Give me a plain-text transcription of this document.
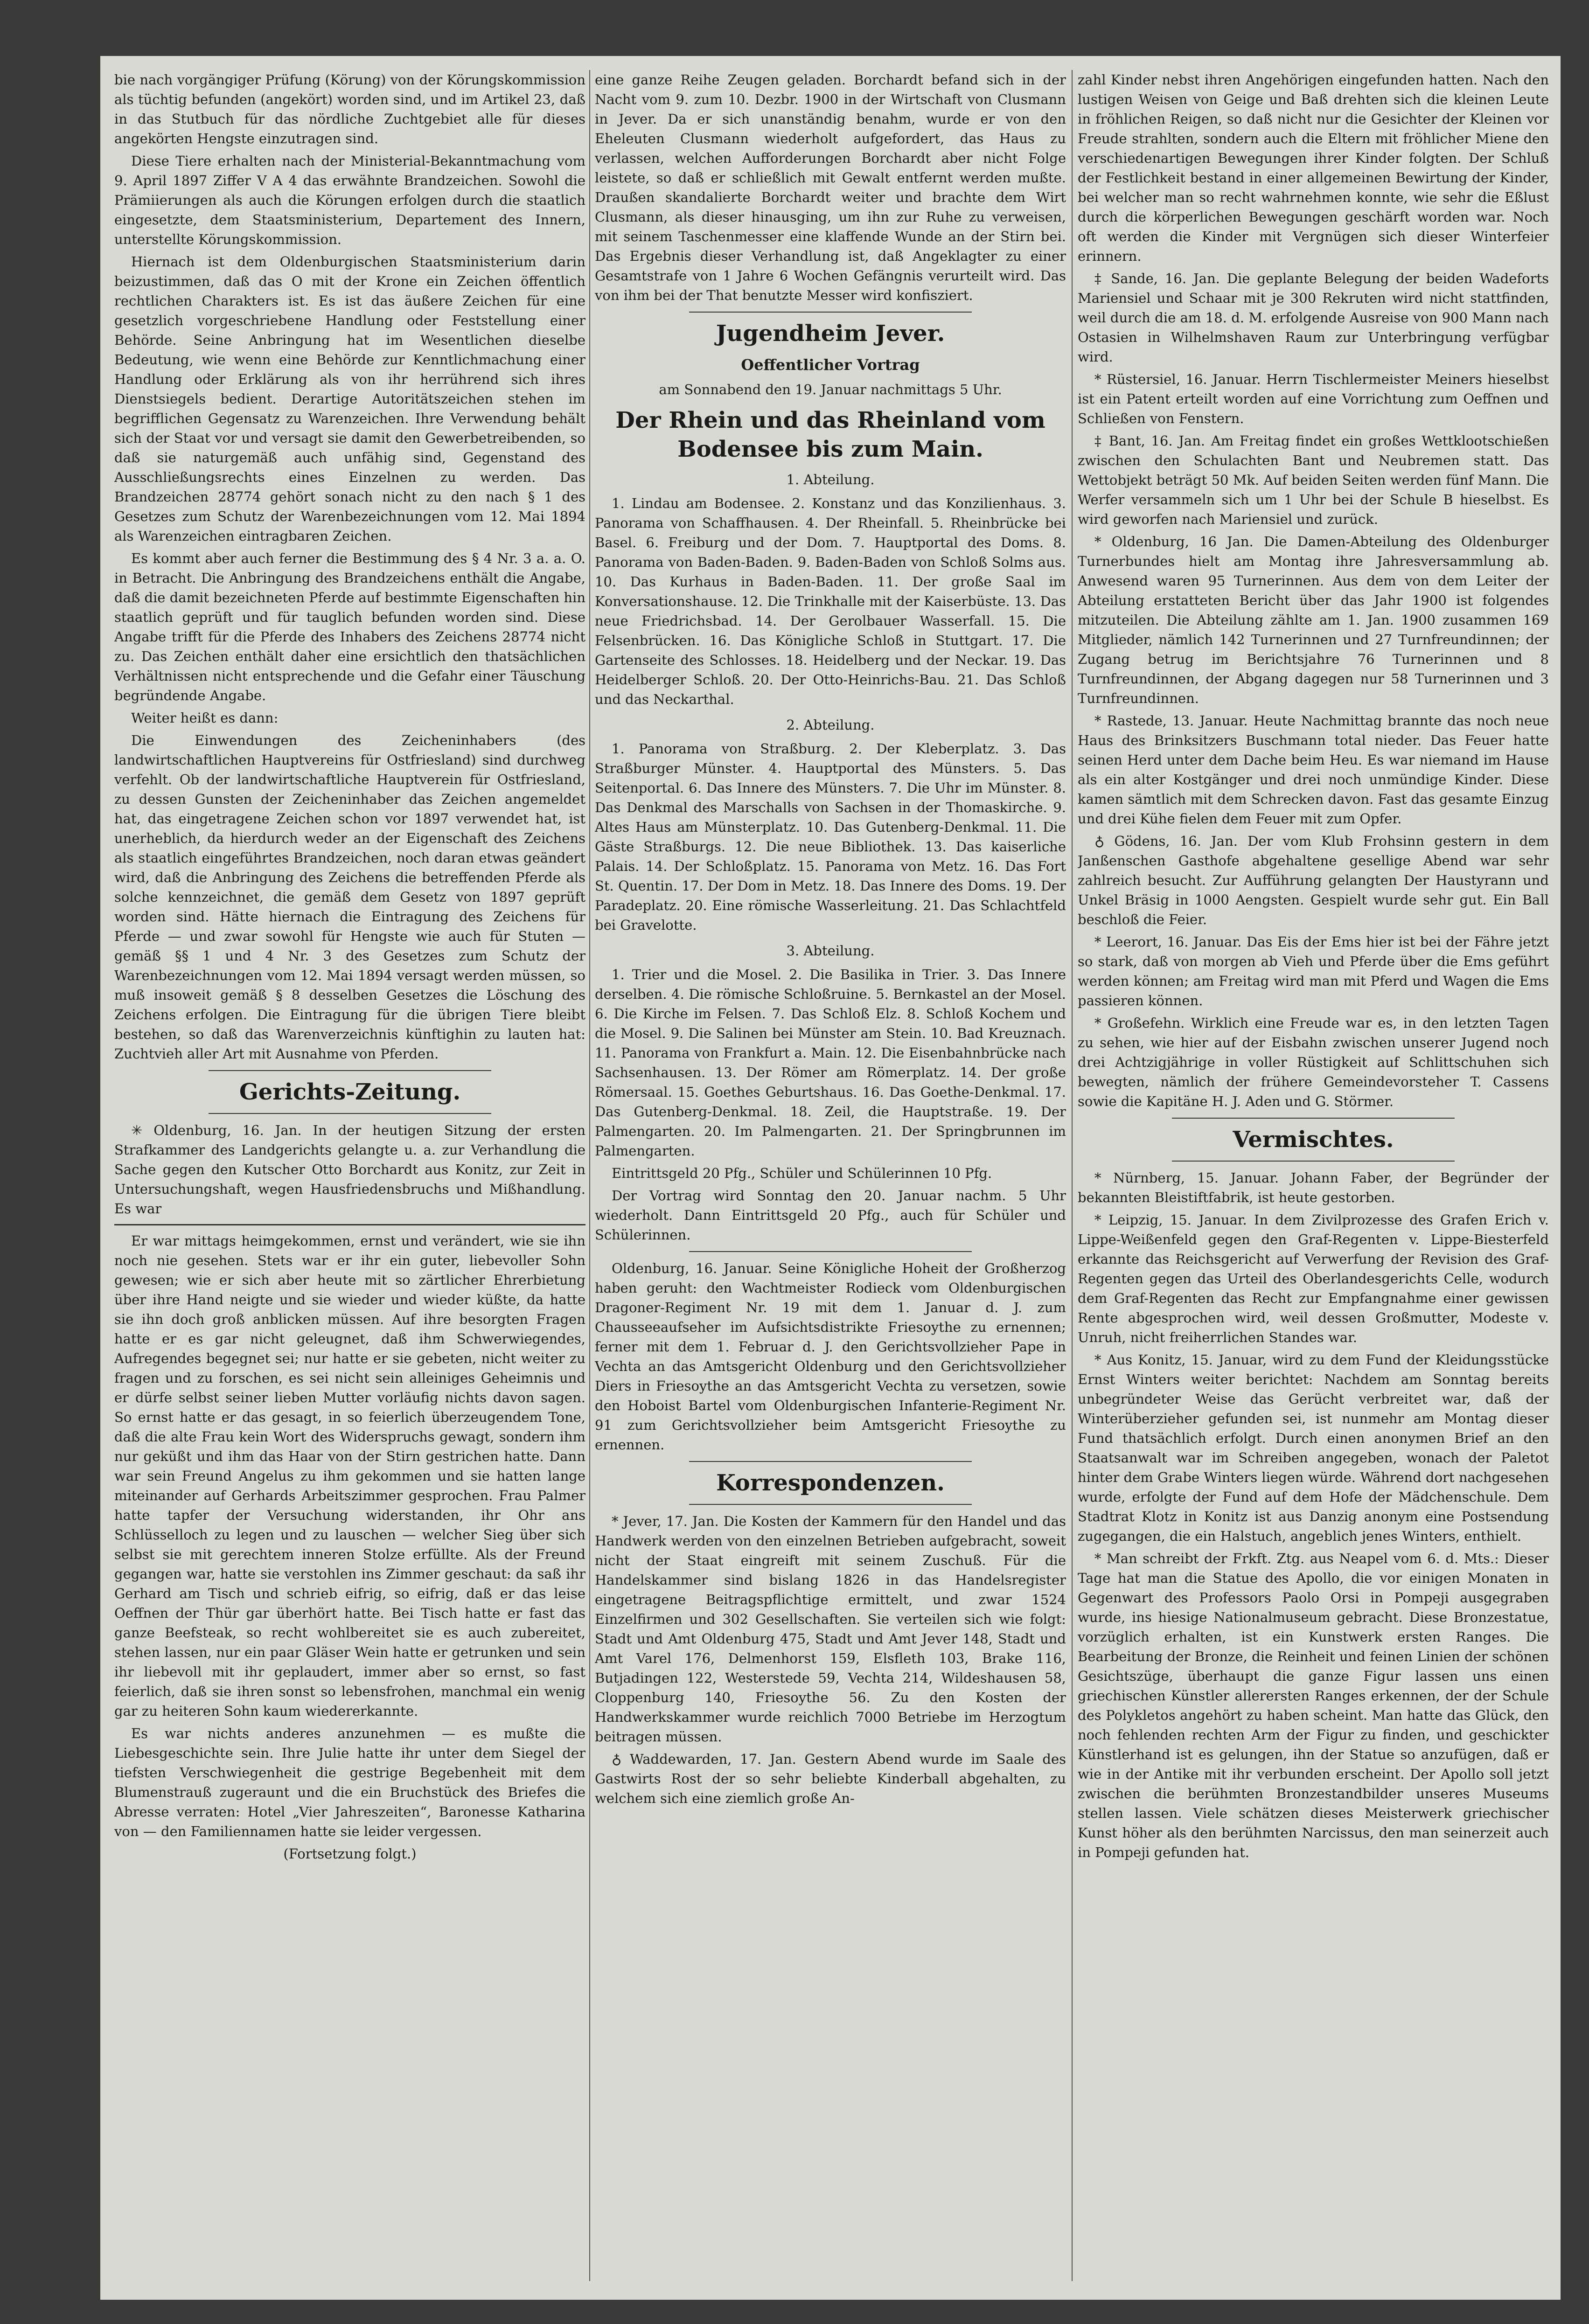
bie nach vorgängiger Prüfung (Körung) von der Körungskommission als tüchtig befunden (angekört) worden sind, und im Artikel 23, daß in das Stutbuch für das nördliche Zuchtgebiet alle für dieses angekörten Hengste einzutragen sind.

Diese Tiere erhalten nach der Ministerial-Bekanntmachung vom 9. April 1897 Ziffer V A 4 das erwähnte Brandzeichen. Sowohl die Prämiierungen als auch die Körungen erfolgen durch die staatlich eingesetzte, dem Staatsministerium, Departement des Innern, unterstellte Körungskommission.

Hiernach ist dem Oldenburgischen Staatsministerium darin beizustimmen, daß das O mit der Krone ein Zeichen öffentlich rechtlichen Charakters ist. Es ist das äußere Zeichen für eine gesetzlich vorgeschriebene Handlung oder Feststellung einer Behörde. Seine Anbringung hat im Wesentlichen dieselbe Bedeutung, wie wenn eine Behörde zur Kenntlichmachung einer Handlung oder Erklärung als von ihr herrührend sich ihres Dienstsiegels bedient. Derartige Autoritätszeichen stehen im begrifflichen Gegensatz zu Warenzeichen. Ihre Verwendung behält sich der Staat vor und versagt sie damit den Gewerbetreibenden, so daß sie naturgemäß auch unfähig sind, Gegenstand des Ausschließungsrechts eines Einzelnen zu werden. Das Brandzeichen 28774 gehört sonach nicht zu den nach § 1 des Gesetzes zum Schutz der Warenbezeichnungen vom 12. Mai 1894 als Warenzeichen eintragbaren Zeichen.

Es kommt aber auch ferner die Bestimmung des § 4 Nr. 3 a. a. O. in Betracht. Die Anbringung des Brandzeichens enthält die Angabe, daß die damit bezeichneten Pferde auf bestimmte Eigenschaften hin staatlich geprüft und für tauglich befunden worden sind. Diese Angabe trifft für die Pferde des Inhabers des Zeichens 28774 nicht zu. Das Zeichen enthält daher eine ersichtlich den thatsächlichen Verhältnissen nicht entsprechende und die Gefahr einer Täuschung begründende Angabe.

Weiter heißt es dann:

Die Einwendungen des Zeicheninhabers (des landwirtschaftlichen Hauptvereins für Ostfriesland) sind durchweg verfehlt. Ob der landwirtschaftliche Hauptverein für Ostfriesland, zu dessen Gunsten der Zeicheninhaber das Zeichen angemeldet hat, das eingetragene Zeichen schon vor 1897 verwendet hat, ist unerheblich, da hierdurch weder an der Eigenschaft des Zeichens als staatlich eingeführtes Brandzeichen, noch daran etwas geändert wird, daß die Anbringung des Zeichens die betreffenden Pferde als solche kennzeichnet, die gemäß dem Gesetz von 1897 geprüft worden sind. Hätte hiernach die Eintragung des Zeichens für Pferde — und zwar sowohl für Hengste wie auch für Stuten — gemäß §§ 1 und 4 Nr. 3 des Gesetzes zum Schutz der Warenbezeichnungen vom 12. Mai 1894 versagt werden müssen, so muß insoweit gemäß § 8 desselben Gesetzes die Löschung des Zeichens erfolgen. Die Eintragung für die übrigen Tiere bleibt bestehen, so daß das Warenverzeichnis künftighin zu lauten hat: Zuchtvieh aller Art mit Ausnahme von Pferden.

Gerichts-Zeitung.

✳ Oldenburg, 16. Jan. In der heutigen Sitzung der ersten Strafkammer des Landgerichts gelangte u. a. zur Verhandlung die Sache gegen den Kutscher Otto Borchardt aus Konitz, zur Zeit in Untersuchungshaft, wegen Hausfriedensbruchs und Mißhandlung. Es war

Er war mittags heimgekommen, ernst und verändert, wie sie ihn noch nie gesehen. Stets war er ihr ein guter, liebevoller Sohn gewesen; wie er sich aber heute mit so zärtlicher Ehrerbietung über ihre Hand neigte und sie wieder und wieder küßte, da hatte sie ihn doch groß anblicken müssen. Auf ihre besorgten Fragen hatte er es gar nicht geleugnet, daß ihm Schwerwiegendes, Aufregendes begegnet sei; nur hatte er sie gebeten, nicht weiter zu fragen und zu forschen, es sei nicht sein alleiniges Geheimnis und er dürfe selbst seiner lieben Mutter vorläufig nichts davon sagen. So ernst hatte er das gesagt, in so feierlich überzeugendem Tone, daß die alte Frau kein Wort des Widerspruchs gewagt, sondern ihm nur geküßt und ihm das Haar von der Stirn gestrichen hatte. Dann war sein Freund Angelus zu ihm gekommen und sie hatten lange miteinander auf Gerhards Arbeitszimmer gesprochen. Frau Palmer hatte tapfer der Versuchung widerstanden, ihr Ohr ans Schlüsselloch zu legen und zu lauschen — welcher Sieg über sich selbst sie mit gerechtem inneren Stolze erfüllte. Als der Freund gegangen war, hatte sie verstohlen ins Zimmer geschaut: da saß ihr Gerhard am Tisch und schrieb eifrig, so eifrig, daß er das leise Oeffnen der Thür gar überhört hatte. Bei Tisch hatte er fast das ganze Beefsteak, so recht wohlbereitet sie es auch zubereitet, stehen lassen, nur ein paar Gläser Wein hatte er getrunken und sein ihr liebevoll mit ihr geplaudert, immer aber so ernst, so fast feierlich, daß sie ihren sonst so lebensfrohen, manchmal ein wenig gar zu heiteren Sohn kaum wiedererkannte.

Es war nichts anderes anzunehmen — es mußte die Liebesgeschichte sein. Ihre Julie hatte ihr unter dem Siegel der tiefsten Verschwiegenheit die gestrige Begebenheit mit dem Blumenstrauß zugeraunt und die ein Bruchstück des Briefes die Abresse verraten: Hotel „Vier Jahreszeiten“, Baronesse Katharina von — den Familiennamen hatte sie leider vergessen.

(Fortsetzung folgt.)

eine ganze Reihe Zeugen geladen. Borchardt befand sich in der Nacht vom 9. zum 10. Dezbr. 1900 in der Wirtschaft von Clusmann in Jever. Da er sich unanständig benahm, wurde er von den Eheleuten Clusmann wiederholt aufgefordert, das Haus zu verlassen, welchen Aufforderungen Borchardt aber nicht Folge leistete, so daß er schließlich mit Gewalt entfernt werden mußte. Draußen skandalierte Borchardt weiter und brachte dem Wirt Clusmann, als dieser hinausging, um ihn zur Ruhe zu verweisen, mit seinem Taschenmesser eine klaffende Wunde an der Stirn bei. Das Ergebnis dieser Verhandlung ist, daß Angeklagter zu einer Gesamtstrafe von 1 Jahre 6 Wochen Gefängnis verurteilt wird. Das von ihm bei der That benutzte Messer wird konfisziert.

Jugendheim Jever.
Oeffentlicher Vortrag

am Sonnabend den 19. Januar nachmittags 5 Uhr.

Der Rhein und das Rheinland vom Bodensee bis zum Main.
1. Abteilung.

1. Lindau am Bodensee. 2. Konstanz und das Konzilienhaus. 3. Panorama von Schaffhausen. 4. Der Rheinfall. 5. Rheinbrücke bei Basel. 6. Freiburg und der Dom. 7. Hauptportal des Doms. 8. Panorama von Baden-Baden. 9. Baden-Baden von Schloß Solms aus. 10. Das Kurhaus in Baden-Baden. 11. Der große Saal im Konversationshause. 12. Die Trinkhalle mit der Kaiserbüste. 13. Das neue Friedrichsbad. 14. Der Gerolbauer Wasserfall. 15. Die Felsenbrücken. 16. Das Königliche Schloß in Stuttgart. 17. Die Gartenseite des Schlosses. 18. Heidelberg und der Neckar. 19. Das Heidelberger Schloß. 20. Der Otto-Heinrichs-Bau. 21. Das Schloß und das Neckarthal.

2. Abteilung.

1. Panorama von Straßburg. 2. Der Kleberplatz. 3. Das Straßburger Münster. 4. Hauptportal des Münsters. 5. Das Seitenportal. 6. Das Innere des Münsters. 7. Die Uhr im Münster. 8. Das Denkmal des Marschalls von Sachsen in der Thomaskirche. 9. Altes Haus am Münsterplatz. 10. Das Gutenberg-Denkmal. 11. Die Gäste Straßburgs. 12. Die neue Bibliothek. 13. Das kaiserliche Palais. 14. Der Schloßplatz. 15. Panorama von Metz. 16. Das Fort St. Quentin. 17. Der Dom in Metz. 18. Das Innere des Doms. 19. Der Paradeplatz. 20. Eine römische Wasserleitung. 21. Das Schlachtfeld bei Gravelotte.

3. Abteilung.

1. Trier und die Mosel. 2. Die Basilika in Trier. 3. Das Innere derselben. 4. Die römische Schloßruine. 5. Bernkastel an der Mosel. 6. Die Kirche im Felsen. 7. Das Schloß Elz. 8. Schloß Kochem und die Mosel. 9. Die Salinen bei Münster am Stein. 10. Bad Kreuznach. 11. Panorama von Frankfurt a. Main. 12. Die Eisenbahnbrücke nach Sachsenhausen. 13. Der Römer am Römerplatz. 14. Der große Römersaal. 15. Goethes Geburtshaus. 16. Das Goethe-Denkmal. 17. Das Gutenberg-Denkmal. 18. Zeil, die Hauptstraße. 19. Der Palmengarten. 20. Im Palmengarten. 21. Der Springbrunnen im Palmengarten.

Eintrittsgeld 20 Pfg., Schüler und Schülerinnen 10 Pfg.

Der Vortrag wird Sonntag den 20. Januar nachm. 5 Uhr wiederholt. Dann Eintrittsgeld 20 Pfg., auch für Schüler und Schülerinnen.

Oldenburg, 16. Januar. Seine Königliche Hoheit der Großherzog haben geruht: den Wachtmeister Rodieck vom Oldenburgischen Dragoner-Regiment Nr. 19 mit dem 1. Januar d. J. zum Chausseeaufseher im Aufsichtsdistrikte Friesoythe zu ernennen; ferner mit dem 1. Februar d. J. den Gerichtsvollzieher Pape in Vechta an das Amtsgericht Oldenburg und den Gerichtsvollzieher Diers in Friesoythe an das Amtsgericht Vechta zu versetzen, sowie den Hoboist Bartel vom Oldenburgischen Infanterie-Regiment Nr. 91 zum Gerichtsvollzieher beim Amtsgericht Friesoythe zu ernennen.

Korrespondenzen.

* Jever, 17. Jan. Die Kosten der Kammern für den Handel und das Handwerk werden von den einzelnen Betrieben aufgebracht, soweit nicht der Staat eingreift mit seinem Zuschuß. Für die Handelskammer sind bislang 1826 in das Handelsregister eingetragene Beitragspflichtige ermittelt, und zwar 1524 Einzelfirmen und 302 Gesellschaften. Sie verteilen sich wie folgt: Stadt und Amt Oldenburg 475, Stadt und Amt Jever 148, Stadt und Amt Varel 176, Delmenhorst 159, Elsfleth 103, Brake 116, Butjadingen 122, Westerstede 59, Vechta 214, Wildeshausen 58, Cloppenburg 140, Friesoythe 56. Zu den Kosten der Handwerkskammer wurde reichlich 7000 Betriebe im Herzogtum beitragen müssen.

♁ Waddewarden, 17. Jan. Gestern Abend wurde im Saale des Gastwirts Rost der so sehr beliebte Kinderball abgehalten, zu welchem sich eine ziemlich große An-

zahl Kinder nebst ihren Angehörigen eingefunden hatten. Nach den lustigen Weisen von Geige und Baß drehten sich die kleinen Leute in fröhlichen Reigen, so daß nicht nur die Gesichter der Kleinen vor Freude strahlten, sondern auch die Eltern mit fröhlicher Miene den verschiedenartigen Bewegungen ihrer Kinder folgten. Der Schluß der Festlichkeit bestand in einer allgemeinen Bewirtung der Kinder, bei welcher man so recht wahrnehmen konnte, wie sehr die Eßlust durch die körperlichen Bewegungen geschärft worden war. Noch oft werden die Kinder mit Vergnügen sich dieser Winterfeier erinnern.

‡ Sande, 16. Jan. Die geplante Belegung der beiden Wadeforts Mariensiel und Schaar mit je 300 Rekruten wird nicht stattfinden, weil durch die am 18. d. M. erfolgende Ausreise von 900 Mann nach Ostasien in Wilhelmshaven Raum zur Unterbringung verfügbar wird.

* Rüstersiel, 16. Januar. Herrn Tischlermeister Meiners hieselbst ist ein Patent erteilt worden auf eine Vorrichtung zum Oeffnen und Schließen von Fenstern.

‡ Bant, 16. Jan. Am Freitag findet ein großes Wettklootschießen zwischen den Schulachten Bant und Neubremen statt. Das Wettobjekt beträgt 50 Mk. Auf beiden Seiten werden fünf Mann. Die Werfer versammeln sich um 1 Uhr bei der Schule B hieselbst. Es wird geworfen nach Mariensiel und zurück.

* Oldenburg, 16 Jan. Die Damen-Abteilung des Oldenburger Turnerbundes hielt am Montag ihre Jahresversammlung ab. Anwesend waren 95 Turnerinnen. Aus dem von dem Leiter der Abteilung erstatteten Bericht über das Jahr 1900 ist folgendes mitzuteilen. Die Abteilung zählte am 1. Jan. 1900 zusammen 169 Mitglieder, nämlich 142 Turnerinnen und 27 Turnfreundinnen; der Zugang betrug im Berichtsjahre 76 Turnerinnen und 8 Turnfreundinnen, der Abgang dagegen nur 58 Turnerinnen und 3 Turnfreundinnen.

* Rastede, 13. Januar. Heute Nachmittag brannte das noch neue Haus des Brinksitzers Buschmann total nieder. Das Feuer hatte seinen Herd unter dem Dache beim Heu. Es war niemand im Hause als ein alter Kostgänger und drei noch unmündige Kinder. Diese kamen sämtlich mit dem Schrecken davon. Fast das gesamte Einzug und drei Kühe fielen dem Feuer mit zum Opfer.

♁ Gödens, 16. Jan. Der vom Klub Frohsinn gestern in dem Janßenschen Gasthofe abgehaltene gesellige Abend war sehr zahlreich besucht. Zur Aufführung gelangten Der Haustyrann und Unkel Bräsig in 1000 Aengsten. Gespielt wurde sehr gut. Ein Ball beschloß die Feier.

* Leerort, 16. Januar. Das Eis der Ems hier ist bei der Fähre jetzt so stark, daß von morgen ab Vieh und Pferde über die Ems geführt werden können; am Freitag wird man mit Pferd und Wagen die Ems passieren können.

* Großefehn. Wirklich eine Freude war es, in den letzten Tagen zu sehen, wie hier auf der Eisbahn zwischen unserer Jugend noch drei Achtzigjährige in voller Rüstigkeit auf Schlittschuhen sich bewegten, nämlich der frühere Gemeindevorsteher T. Cassens sowie die Kapitäne H. J. Aden und G. Störmer.

Vermischtes.

* Nürnberg, 15. Januar. Johann Faber, der Begründer der bekannten Bleistiftfabrik, ist heute gestorben.

* Leipzig, 15. Januar. In dem Zivilprozesse des Grafen Erich v. Lippe-Weißenfeld gegen den Graf-Regenten v. Lippe-Biesterfeld erkannte das Reichsgericht auf Verwerfung der Revision des Graf-Regenten gegen das Urteil des Oberlandesgerichts Celle, wodurch dem Graf-Regenten das Recht zur Empfangnahme einer gewissen Rente abgesprochen wird, weil dessen Großmutter, Modeste v. Unruh, nicht freiherrlichen Standes war.

* Aus Konitz, 15. Januar, wird zu dem Fund der Kleidungsstücke Ernst Winters weiter berichtet: Nachdem am Sonntag bereits unbegründeter Weise das Gerücht verbreitet war, daß der Winterüberzieher gefunden sei, ist nunmehr am Montag dieser Fund thatsächlich erfolgt. Durch einen anonymen Brief an den Staatsanwalt war im Schreiben angegeben, wonach der Paletot hinter dem Grabe Winters liegen würde. Während dort nachgesehen wurde, erfolgte der Fund auf dem Hofe der Mädchenschule. Dem Stadtrat Klotz in Konitz ist aus Danzig anonym eine Postsendung zugegangen, die ein Halstuch, angeblich jenes Winters, enthielt.

* Man schreibt der Frkft. Ztg. aus Neapel vom 6. d. Mts.: Dieser Tage hat man die Statue des Apollo, die vor einigen Monaten in Gegenwart des Professors Paolo Orsi in Pompeji ausgegraben wurde, ins hiesige Nationalmuseum gebracht. Diese Bronzestatue, vorzüglich erhalten, ist ein Kunstwerk ersten Ranges. Die Bearbeitung der Bronze, die Reinheit und feinen Linien der schönen Gesichtszüge, überhaupt die ganze Figur lassen uns einen griechischen Künstler allerersten Ranges erkennen, der der Schule des Polykletos angehört zu haben scheint. Man hatte das Glück, den noch fehlenden rechten Arm der Figur zu finden, und geschickter Künstlerhand ist es gelungen, ihn der Statue so anzufügen, daß er wie in der Antike mit ihr verbunden erscheint. Der Apollo soll jetzt zwischen die berühmten Bronzestandbilder unseres Museums stellen lassen. Viele schätzen dieses Meisterwerk griechischer Kunst höher als den berühmten Narcissus, den man seinerzeit auch in Pompeji gefunden hat.
